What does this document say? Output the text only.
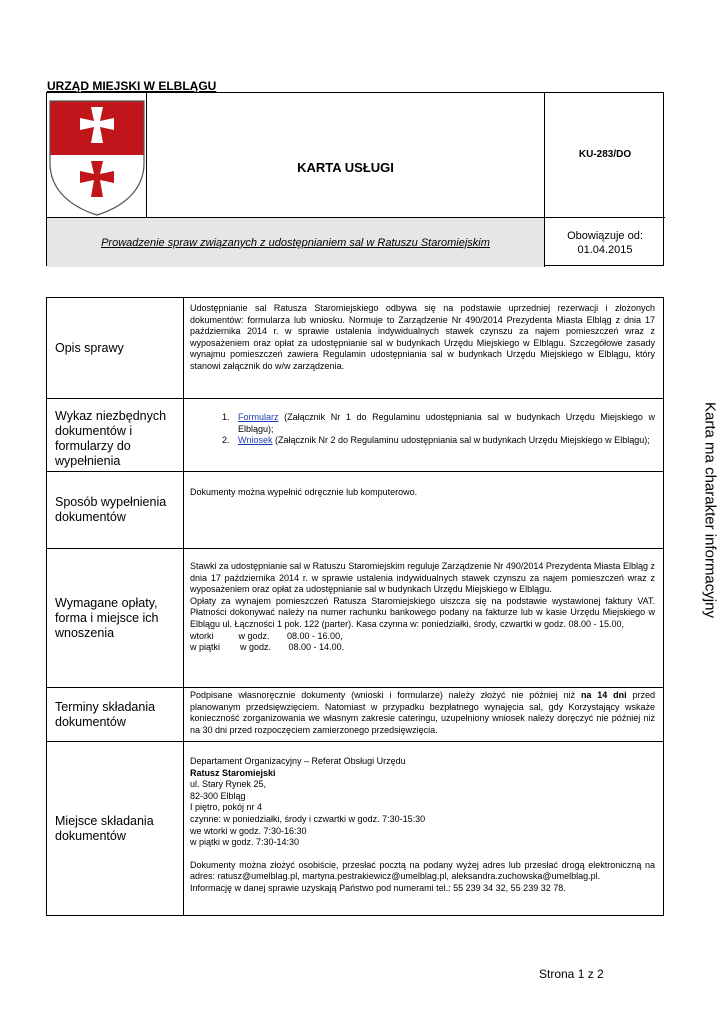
URZĄD MIEJSKI W ELBLĄGU
KARTA USŁUGI
KU-283/DO
Prowadzenie spraw związanych z udostępnianiem sal w Ratuszu Staromiejskim
Obowiązuje od:
01.04.2015
Opis sprawy
Udostępnianie sal Ratusza Staromiejskiego odbywa się na podstawie uprzedniej rezerwacji i złożonych dokumentów: formularza lub wniosku. Normuje to Zarządzenie Nr 490/2014 Prezydenta Miasta Elbląg z dnia 17 października 2014 r. w sprawie ustalenia indywidualnych stawek czynszu za najem pomieszczeń wraz z wyposażeniem oraz opłat za udostępnianie sal w budynkach Urzędu Miejskiego w Elblągu. Szczegółowe zasady wynajmu pomieszczeń zawiera Regulamin udostępniania sal w budynkach Urzędu Miejskiego w Elblągu, który stanowi załącznik do w/w zarządzenia.
Wykaz niezbędnych dokumentów i formularzy do wypełnienia
1. Formularz (Załącznik Nr 1 do Regulaminu udostępniania sal w budynkach Urzędu Miejskiego w Elblągu);
2. Wniosek (Załącznik Nr 2 do Regulaminu udostępniania sal w budynkach Urzędu Miejskiego w Elblągu);
Sposób wypełnienia dokumentów
Dokumenty można wypełnić odręcznie lub komputerowo.
Wymagane opłaty, forma i miejsce ich wnoszenia

Stawki za udostępnianie sal w Ratuszu Staromiejskim reguluje Zarządzenie Nr 490/2014 Prezydenta Miasta Elbląg z dnia 17 października 2014 r. w sprawie ustalenia indywidualnych stawek czynszu za najem pomieszczeń wraz z wyposażeniem oraz opłat za udostępnianie sal w budynkach Urzędu Miejskiego w Elblągu.

Opłaty za wynajem pomieszczeń Ratusza Staromiejskiego uiszcza się na podstawie wystawionej faktury VAT. Płatności dokonywać należy na numer rachunku bankowego podany na fakturze lub w kasie Urzędu Miejskiego w Elblągu ul. Łączności 1 pok. 122 (parter). Kasa czynna w: poniedziałki, środy, czwartki w godz. 08.00 - 15.00,

wtorki          w godz.       08.00 - 16.00,

w piątki        w godz.       08.00 - 14.00.

Terminy składania dokumentów
Podpisane własnoręcznie dokumenty (wnioski i formularze) należy złożyć nie później niż na 14 dni przed planowanym przedsięwzięciem. Natomiast w przypadku bezpłatnego wynajęcia sal, gdy Korzystający wskaże konieczność zorganizowania we własnym zakresie cateringu, uzupełniony wniosek należy doręczyć nie później niż na 30 dni przed rozpoczęciem zamierzonego przedsięwzięcia.
Miejsce składania dokumentów

Departament Organizacyjny – Referat Obsługi Urzędu

Ratusz Staromiejski

ul. Stary Rynek 25,

82-300 Elbląg

I piętro, pokój nr 4

czynne: w poniedziałki, środy i czwartki w godz. 7:30-15:30

we wtorki w godz. 7:30-16:30

w piątki w godz. 7:30-14:30

Dokumenty można złożyć osobiście, przesłać pocztą na podany wyżej adres lub przesłać drogą elektroniczną na adres: ratusz@umelblag.pl, martyna.pestrakiewicz@umelblag.pl, aleksandra.zuchowska@umelblag.pl.

Informację w danej sprawie uzyskają Państwo pod numerami tel.: 55 239 34 32, 55 239 32 78.

Karta ma charakter informacyjny
Strona 1 z 2
